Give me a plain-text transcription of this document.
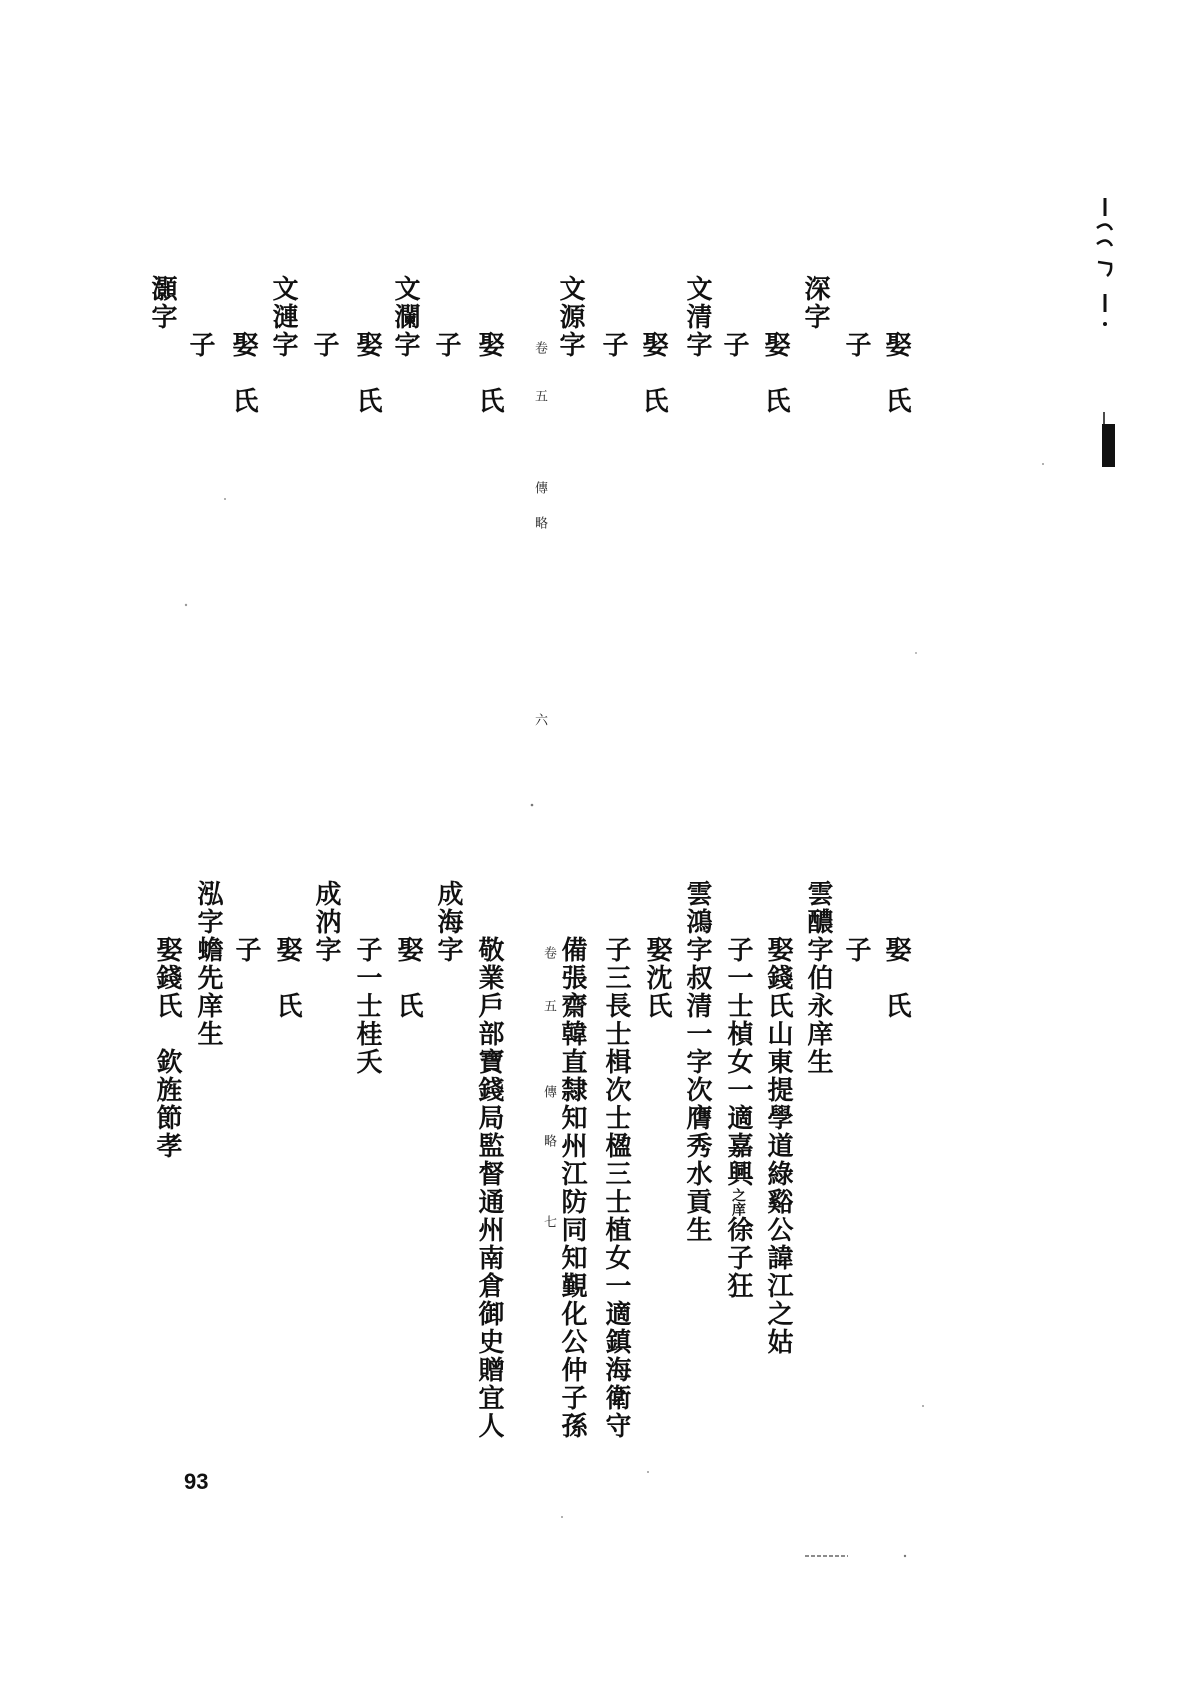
娶　氏
子
深字
娶　氏
子
文清字
娶　氏
子
文源字
卷五
傳略
六
娶　氏
子
文瀾字
娶　氏
子
文漣字
娶　氏
子
灝字
娶　氏
子
雲醲字伯永庠生
娶錢氏山東提學道綠谿公諱江之姑
子一士楨女一適嘉興之庠徐子狂
雲鴻字叔清一字次膺秀水貢生
娶沈氏
子三長士楫次士楹三士植女一適鎮海衛守
備張齋韓直隸知州江防同知覲化公仲子孫
卷五
傳略
七
敬業戶部寶錢局監督通州南倉御史贈宜人
成海字
娶　氏
子一士桂夭
成汭字
娶　氏
子
泓字蟾先庠生
娶錢氏　欽旌節孝
93
